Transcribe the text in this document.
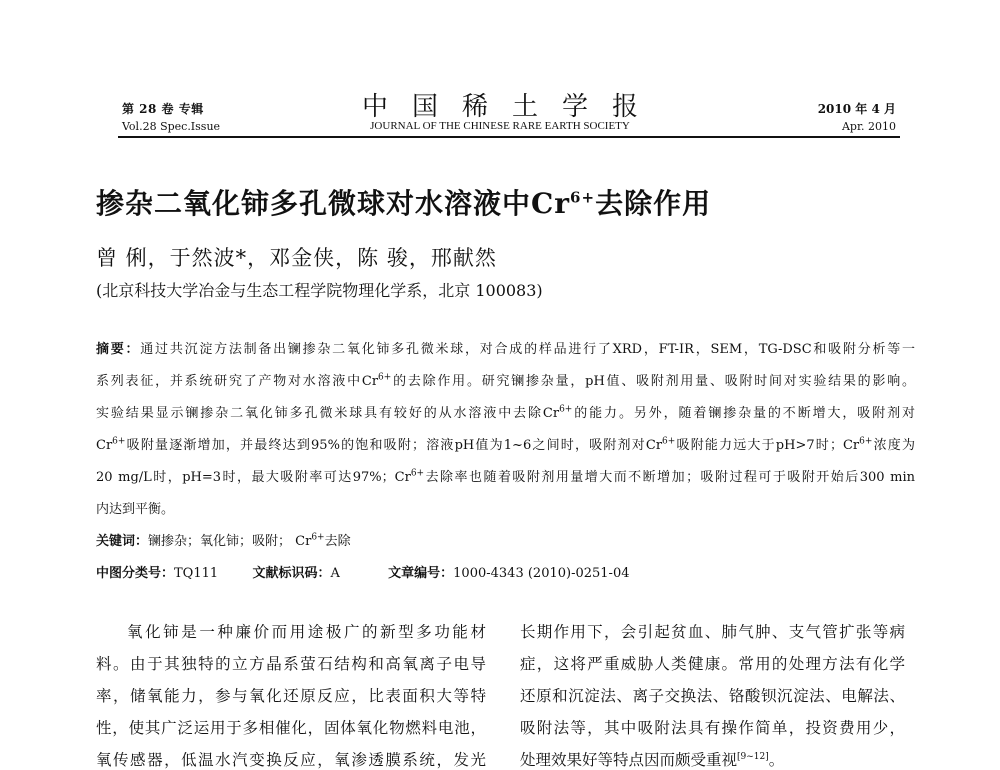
第 28 卷 专辑
Vol.28 Spec.Issue
中国稀土学报
JOURNAL OF THE CHINESE RARE EARTH SOCIETY
2010 年 4 月
Apr. 2010
掺杂二氧化铈多孔微球对水溶液中$Cr^{6+}$去除作用
曾 俐，于然波*，邓金侠，陈 骏，邢献然
(北京科技大学冶金与生态工程学院物理化学系，北京 100083)
摘要：通过共沉淀方法制备出镧掺杂二氧化铈多孔微米球，对合成的样品进行了XRD，FT-IR，SEM，TG-DSC和吸附分析等一
系列表征，并系统研究了产物对水溶液中$Cr^{6+}$的去除作用。研究镧掺杂量，pH值、吸附剂用量、吸附时间对实验结果的影响。
实验结果显示镧掺杂二氧化铈多孔微米球具有较好的从水溶液中去除$Cr^{6+}$的能力。另外，随着镧掺杂量的不断增大，吸附剂对
$Cr^{6+}$吸附量逐渐增加，并最终达到95%的饱和吸附；溶液pH值为1~6之间时，吸附剂对$Cr^{6+}$吸附能力远大于pH>7时；$Cr^{6+}$浓度为
20 mg/L时，pH=3时，最大吸附率可达97%；$Cr^{6+}$去除率也随着吸附剂用量增大而不断增加；吸附过程可于吸附开始后300 min
内达到平衡。
关键词：镧掺杂；氧化铈；吸附； $Cr^{6+}$去除
中图分类号：TQ111	文献标识码：A	文章编号：1000-4343 (2010)-0251-04
氧化铈是一种廉价而用途极广的新型多功能材
料。由于其独特的立方晶系萤石结构和高氧离子电导
率，储氧能力，参与氧化还原反应，比表面积大等特
性，使其广泛运用于多相催化，固体氧化物燃料电池，
氧传感器，低温水汽变换反应，氧渗透膜系统，发光
长期作用下，会引起贫血、肺气肿、支气管扩张等病
症，这将严重威胁人类健康。常用的处理方法有化学
还原和沉淀法、离子交换法、铬酸钡沉淀法、电解法、
吸附法等，其中吸附法具有操作简单，投资费用少，
处理效果好等特点因而颇受重视[9~12]。
